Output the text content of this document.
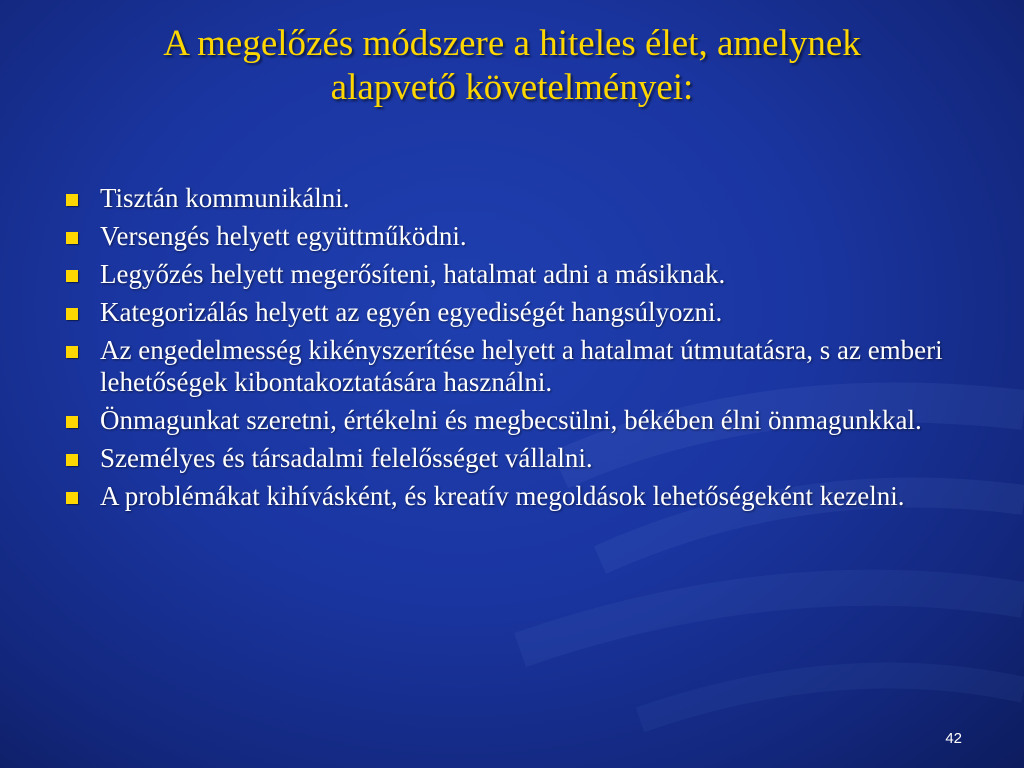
A megelőzés módszere a hiteles élet, amelynek
alapvető követelményei:
Tisztán kommunikálni.
Versengés helyett együttműködni.
Legyőzés helyett megerősíteni, hatalmat adni a másiknak.
Kategorizálás helyett az egyén egyediségét hangsúlyozni.
Az engedelmesség kikényszerítése helyett a hatalmat útmutatásra, s az emberi lehetőségek kibontakoztatására használni.
Önmagunkat szeretni, értékelni és megbecsülni, békében élni önmagunkkal.
Személyes és társadalmi felelősséget vállalni.
A problémákat kihívásként, és kreatív megoldások lehetőségeként kezelni.
42
